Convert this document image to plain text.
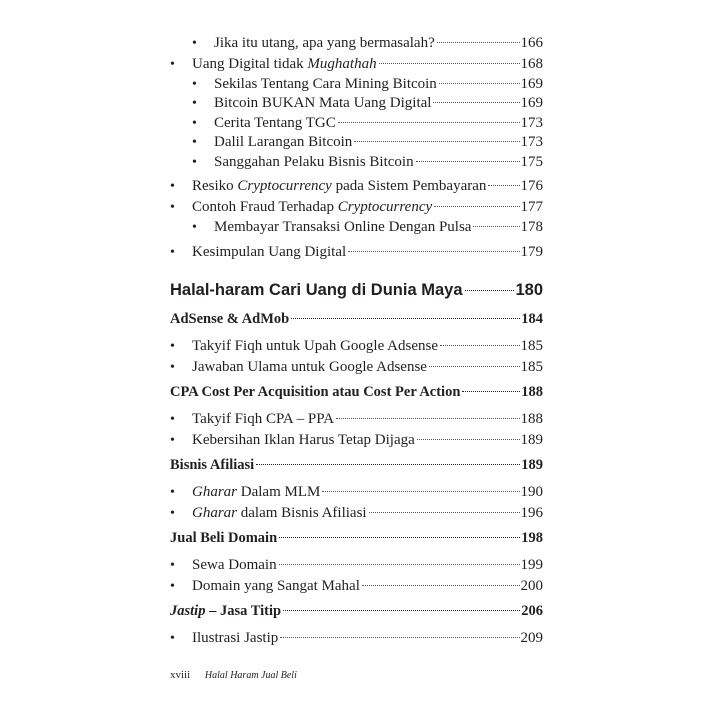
•
Jika itu utang, apa yang bermasalah?	166
•
Uang Digital tidak Mughathah	168
•
Sekilas Tentang Cara Mining Bitcoin	169
•
Bitcoin BUKAN Mata Uang Digital	169
•
Cerita Tentang TGC	173
•
Dalil Larangan Bitcoin	173
•
Sanggahan Pelaku Bisnis Bitcoin	175
•
Resiko Cryptocurrency pada Sistem Pembayaran 176
•
Contoh Fraud Terhadap Cryptocurrency	177
•
Membayar Transaksi Online Dengan Pulsa	178
•
Kesimpulan Uang Digital	179
Halal-haram Cari Uang di Dunia Maya	180
AdSense & AdMob	184
•
Takyif Fiqh untuk Upah Google Adsense	185
•
Jawaban Ulama untuk Google Adsense	185
CPA Cost Per Acquisition atau Cost Per Action	188
•
Takyif Fiqh CPA – PPA	188
•
Kebersihan Iklan Harus Tetap Dijaga	189
Bisnis Afiliasi	189
•
Gharar Dalam MLM	190
•
Gharar dalam Bisnis Afiliasi	196
Jual Beli Domain	198
•
Sewa Domain	199
•
Domain yang Sangat Mahal	200
Jastip – Jasa Titip	206
•
Ilustrasi Jastip	209
xviii Halal Haram Jual Beli
